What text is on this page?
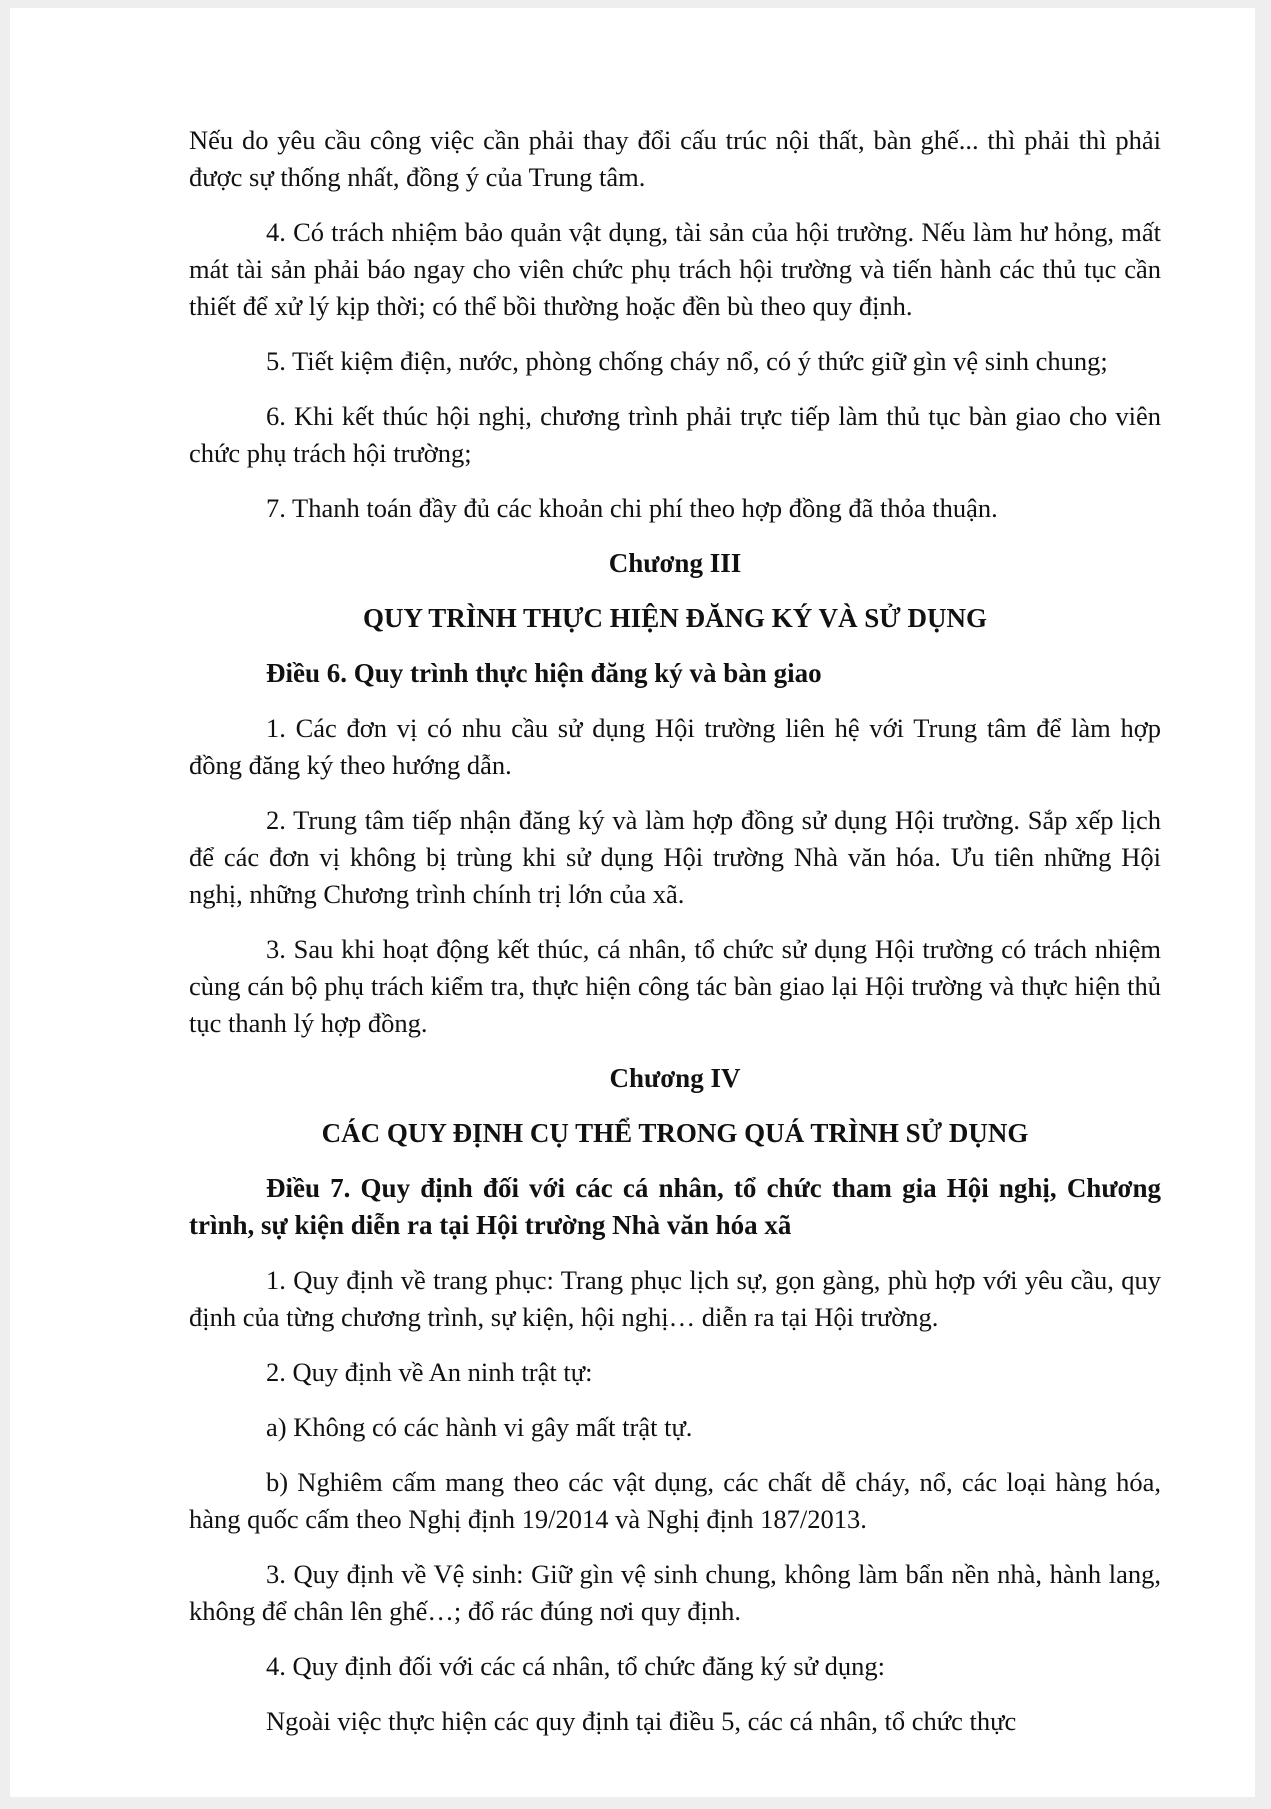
Nếu do yêu cầu công việc cần phải thay đổi cấu trúc nội thất, bàn ghế... thì phải thì phải được sự thống nhất, đồng ý của Trung tâm.

4. Có trách nhiệm bảo quản vật dụng, tài sản của hội trường. Nếu làm hư hỏng, mất mát tài sản phải báo ngay cho viên chức phụ trách hội trường và tiến hành các thủ tục cần thiết để xử lý kịp thời; có thể bồi thường hoặc đền bù theo quy định.

5. Tiết kiệm điện, nước, phòng chống cháy nổ, có ý thức giữ gìn vệ sinh chung;

6. Khi kết thúc hội nghị, chương trình phải trực tiếp làm thủ tục bàn giao cho viên chức phụ trách hội trường;

7. Thanh toán đầy đủ các khoản chi phí theo hợp đồng đã thỏa thuận.

Chương III
QUY TRÌNH THỰC HIỆN ĐĂNG KÝ VÀ SỬ DỤNG
Điều 6. Quy trình thực hiện đăng ký và bàn giao

1. Các đơn vị có nhu cầu sử dụng Hội trường liên hệ với Trung tâm để làm hợp đồng đăng ký theo hướng dẫn.

2. Trung tâm tiếp nhận đăng ký và làm hợp đồng sử dụng Hội trường. Sắp xếp lịch để các đơn vị không bị trùng khi sử dụng Hội trường Nhà văn hóa. Ưu tiên những Hội nghị, những Chương trình chính trị lớn của xã.

3. Sau khi hoạt động kết thúc, cá nhân, tổ chức sử dụng Hội trường có trách nhiệm cùng cán bộ phụ trách kiểm tra, thực hiện công tác bàn giao lại Hội trường và thực hiện thủ tục thanh lý hợp đồng.

Chương IV
CÁC QUY ĐỊNH CỤ THỂ TRONG QUÁ TRÌNH SỬ DỤNG
Điều 7. Quy định đối với các cá nhân, tổ chức tham gia Hội nghị, Chương trình, sự kiện diễn ra tại Hội trường Nhà văn hóa xã

1. Quy định về trang phục: Trang phục lịch sự, gọn gàng, phù hợp với yêu cầu, quy định của từng chương trình, sự kiện, hội nghị… diễn ra tại Hội trường.

2. Quy định về An ninh trật tự:

a) Không có các hành vi gây mất trật tự.

b) Nghiêm cấm mang theo các vật dụng, các chất dễ cháy, nổ, các loại hàng hóa, hàng quốc cấm theo Nghị định 19/2014 và Nghị định 187/2013.

3. Quy định về Vệ sinh: Giữ gìn vệ sinh chung, không làm bẩn nền nhà, hành lang, không để chân lên ghế…; đổ rác đúng nơi quy định.

4. Quy định đối với các cá nhân, tổ chức đăng ký sử dụng:

Ngoài việc thực hiện các quy định tại điều 5, các cá nhân, tổ chức thực
